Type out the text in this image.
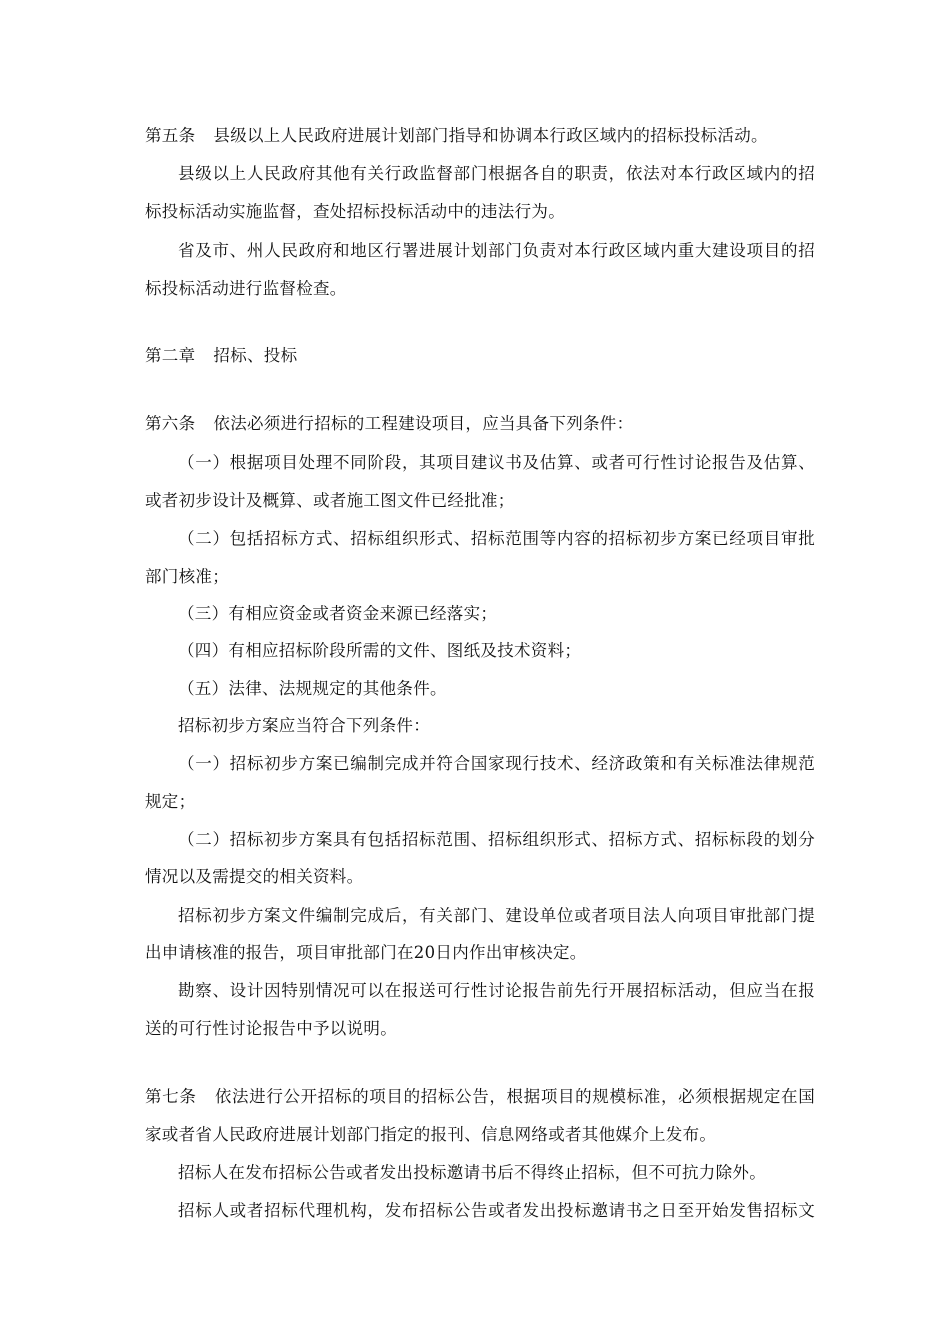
第五条 县级以上人民政府进展计划部门指导和协调本行政区域内的招标投标活动。
县级以上人民政府其他有关行政监督部门根据各自的职责，依法对本行政区域内的招
标投标活动实施监督，查处招标投标活动中的违法行为。
省及市、州人民政府和地区行署进展计划部门负责对本行政区域内重大建设项目的招
标投标活动进行监督检查。
第二章 招标、投标
第六条 依法必须进行招标的工程建设项目，应当具备下列条件：
（一）根据项目处理不同阶段，其项目建议书及估算、或者可行性讨论报告及估算、
或者初步设计及概算、或者施工图文件已经批准；
（二）包括招标方式、招标组织形式、招标范围等内容的招标初步方案已经项目审批
部门核准；
（三）有相应资金或者资金来源已经落实；
（四）有相应招标阶段所需的文件、图纸及技术资料；
（五）法律、法规规定的其他条件。
招标初步方案应当符合下列条件：
（一）招标初步方案已编制完成并符合国家现行技术、经济政策和有关标准法律规范
规定；
（二）招标初步方案具有包括招标范围、招标组织形式、招标方式、招标标段的划分
情况以及需提交的相关资料。
招标初步方案文件编制完成后，有关部门、建设单位或者项目法人向项目审批部门提
出申请核准的报告，项目审批部门在20日内作出审核决定。
勘察、设计因特别情况可以在报送可行性讨论报告前先行开展招标活动，但应当在报
送的可行性讨论报告中予以说明。
第七条 依法进行公开招标的项目的招标公告，根据项目的规模标准，必须根据规定在国
家或者省人民政府进展计划部门指定的报刊、信息网络或者其他媒介上发布。
招标人在发布招标公告或者发出投标邀请书后不得终止招标，但不可抗力除外。
招标人或者招标代理机构，发布招标公告或者发出投标邀请书之日至开始发售招标文
